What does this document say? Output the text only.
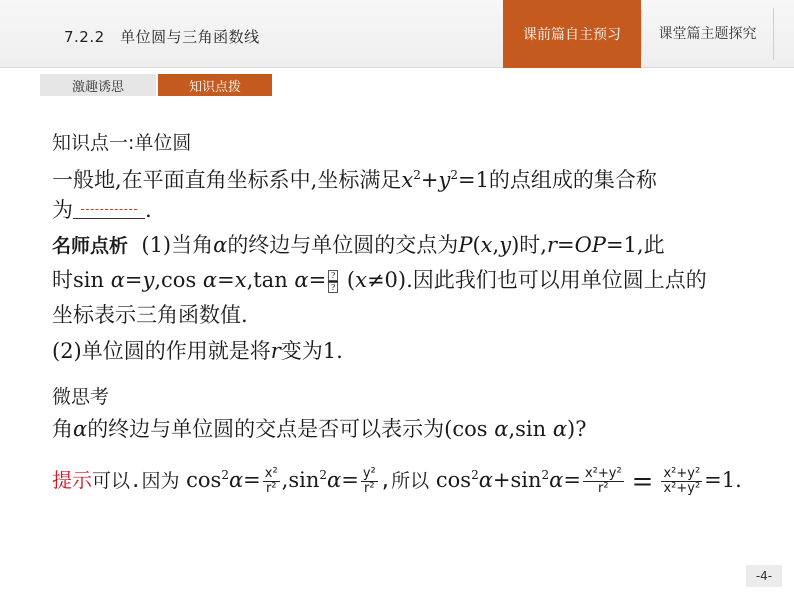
7.2.2　单位圆与三角函数线	课前篇自主预习	课堂篇主题探究
激趣诱思	知识点拨
知识点一:单位圆
一般地,在平面直角坐标系中,坐标满足$x^2+y^2=1$的点组成的集合称
为	.
名师点析 (1)当角α的终边与单位圆的交点为P(x,y)时,r=OP=1,此
时sin α=y,cos α=x,tan $\alpha= \frac{?}{?} (x\ne 0)$.因此我们也可以用单位圆上点的
坐标表示三角函数值.
(2)单位圆的作用就是将r变为1.
微思考
角α的终边与单位圆的交点是否可以表示为(cos α,sin α)?
提示可以.因为 $\cos^2\alpha= \frac{\text{x²}}{\text{r²}} ,\sin^2\alpha= \frac{\text{y²}}{\text{r²}}$ ,所以 $\cos^2\alpha+\sin^2\alpha= \frac{\text{x²+y²}}{\text{r²}} = \frac{\text{x²+y²}}{\text{x²+y²}} =1$.
-4-
